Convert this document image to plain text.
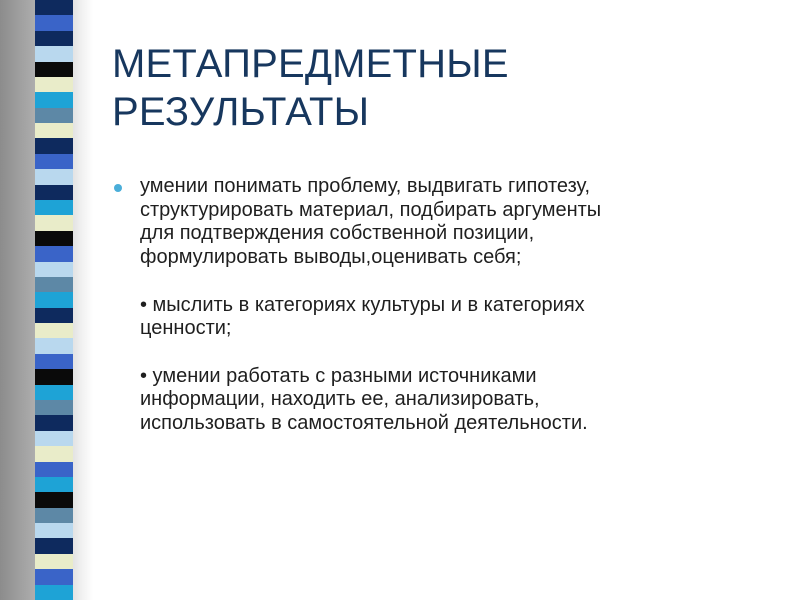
МЕТАПРЕДМЕТНЫЕ
РЕЗУЛЬТАТЫ
умении понимать проблему, выдвигать гипотезу,
структурировать материал, подбирать аргументы
для подтверждения собственной позиции,
формулировать выводы,оценивать себя;
• мыслить в категориях культуры и в категориях
ценности;
• умении работать с разными источниками
информации, находить ее, анализировать,
использовать в самостоятельной деятельности.
